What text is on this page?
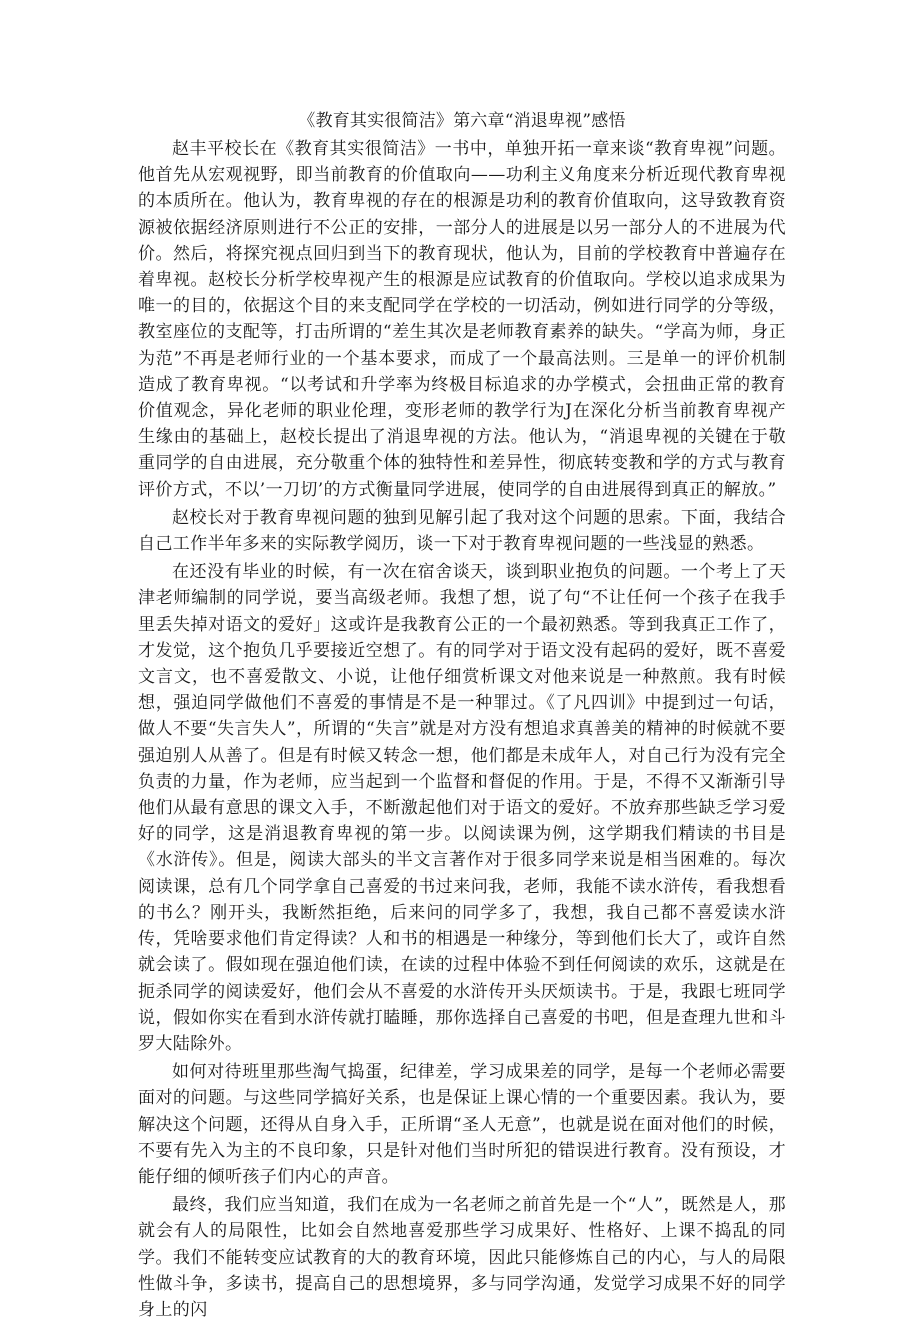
《教育其实很简洁》第六章“消退卑视”感悟

赵丰平校长在《教育其实很简洁》一书中，单独开拓一章来谈“教育卑视”问题。他首先从宏观视野，即当前教育的价值取向——功利主义角度来分析近现代教育卑视的本质所在。他认为，教育卑视的存在的根源是功利的教育价值取向，这导致教育资源被依据经济原则进行不公正的安排，一部分人的进展是以另一部分人的不进展为代价。然后，将探究视点回归到当下的教育现状，他认为，目前的学校教育中普遍存在着卑视。赵校长分析学校卑视产生的根源是应试教育的价值取向。学校以追求成果为唯一的目的，依据这个目的来支配同学在学校的一切活动，例如进行同学的分等级，教室座位的支配等，打击所谓的“差生其次是老师教育素养的缺失。“学高为师，身正为范”不再是老师行业的一个基本要求，而成了一个最高法则。三是单一的评价机制造成了教育卑视。“以考试和升学率为终极目标追求的办学模式，会扭曲正常的教育价值观念，异化老师的职业伦理，变形老师的教学行为J在深化分析当前教育卑视产生缘由的基础上，赵校长提出了消退卑视的方法。他认为，“消退卑视的关键在于敬重同学的自由进展，充分敬重个体的独特性和差异性，彻底转变教和学的方式与教育评价方式，不以’一刀切’的方式衡量同学进展，使同学的自由进展得到真正的解放。”

赵校长对于教育卑视问题的独到见解引起了我对这个问题的思索。下面，我结合自己工作半年多来的实际教学阅历，谈一下对于教育卑视问题的一些浅显的熟悉。

在还没有毕业的时候，有一次在宿舍谈天，谈到职业抱负的问题。一个考上了天津老师编制的同学说，要当高级老师。我想了想，说了句“不让任何一个孩子在我手里丢失掉对语文的爱好」这或许是我教育公正的一个最初熟悉。等到我真正工作了，才发觉，这个抱负几乎要接近空想了。有的同学对于语文没有起码的爱好，既不喜爱文言文，也不喜爱散文、小说，让他仔细赏析课文对他来说是一种熬煎。我有时候想，强迫同学做他们不喜爱的事情是不是一种罪过。《了凡四训》中提到过一句话，做人不要“失言失人”，所谓的“失言”就是对方没有想追求真善美的精神的时候就不要强迫别人从善了。但是有时候又转念一想，他们都是未成年人，对自己行为没有完全负责的力量，作为老师，应当起到一个监督和督促的作用。于是，不得不又渐渐引导他们从最有意思的课文入手，不断激起他们对于语文的爱好。不放弃那些缺乏学习爱好的同学，这是消退教育卑视的第一步。以阅读课为例，这学期我们精读的书目是《水浒传》。但是，阅读大部头的半文言著作对于很多同学来说是相当困难的。每次阅读课，总有几个同学拿自己喜爱的书过来问我，老师，我能不读水浒传，看我想看的书么？刚开头，我断然拒绝，后来问的同学多了，我想，我自己都不喜爱读水浒传，凭啥要求他们肯定得读？人和书的相遇是一种缘分，等到他们长大了，或许自然就会读了。假如现在强迫他们读，在读的过程中体验不到任何阅读的欢乐，这就是在扼杀同学的阅读爱好，他们会从不喜爱的水浒传开头厌烦读书。于是，我跟七班同学说，假如你实在看到水浒传就打瞌睡，那你选择自己喜爱的书吧，但是查理九世和斗罗大陆除外。

如何对待班里那些淘气捣蛋，纪律差，学习成果差的同学，是每一个老师必需要面对的问题。与这些同学搞好关系，也是保证上课心情的一个重要因素。我认为，要解决这个问题，还得从自身入手，正所谓“圣人无意”，也就是说在面对他们的时候，不要有先入为主的不良印象，只是针对他们当时所犯的错误进行教育。没有预设，才能仔细的倾听孩子们内心的声音。

最终，我们应当知道，我们在成为一名老师之前首先是一个“人”，既然是人，那就会有人的局限性，比如会自然地喜爱那些学习成果好、性格好、上课不捣乱的同学。我们不能转变应试教育的大的教育环境，因此只能修炼自己的内心，与人的局限性做斗争，多读书，提高自己的思想境界，多与同学沟通，发觉学习成果不好的同学身上的闪
